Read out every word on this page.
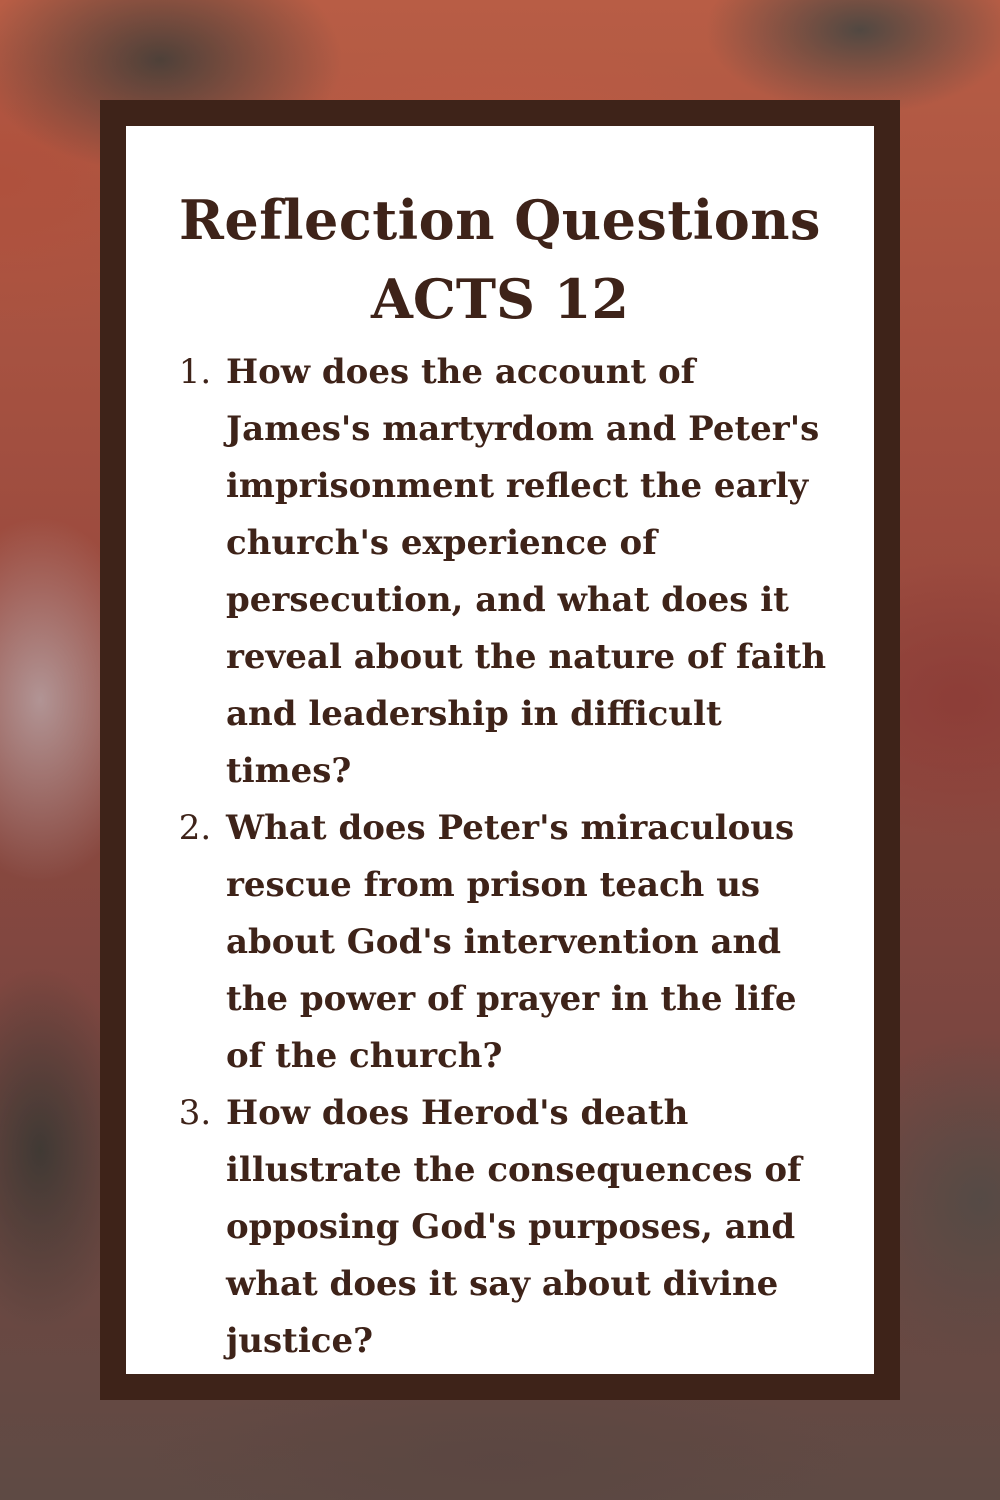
Reflection Questions
ACTS 12
1. How does the account of James's martyrdom and Peter's imprisonment reflect the early church's experience of persecution, and what does it reveal about the nature of faith and leadership in difficult times?
2. What does Peter's miraculous rescue from prison teach us about God's intervention and the power of prayer in the life of the church?
3. How does Herod's death illustrate the consequences of opposing God's purposes, and what does it say about divine justice?
